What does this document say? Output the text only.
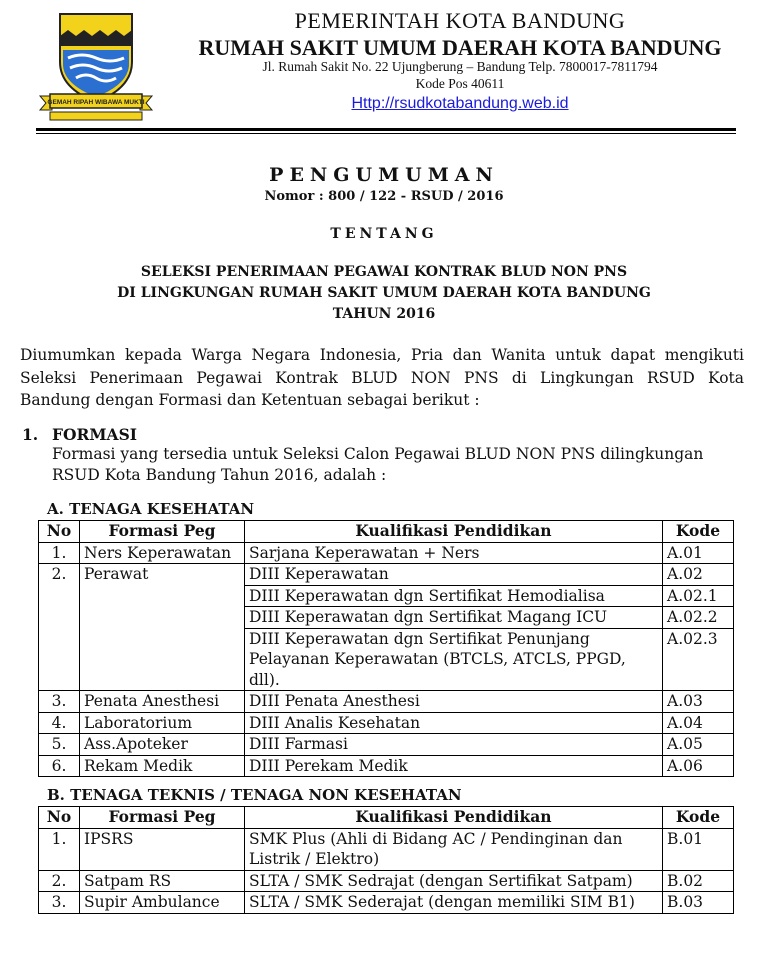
GEMAH RIPAH WIBAWA MUKTI
PEMERINTAH KOTA BANDUNG
RUMAH SAKIT UMUM DAERAH KOTA BANDUNG
Jl. Rumah Sakit No. 22 Ujungberung – Bandung Telp. 7800017-7811794
Kode Pos 40611
Http://rsudkotabandung.web.id
PENGUMUMAN
Nomor : 800 / 122 - RSUD / 2016
TENTANG
SELEKSI PENERIMAAN PEGAWAI KONTRAK BLUD NON PNS
DI LINGKUNGAN RUMAH SAKIT UMUM DAERAH KOTA BANDUNG
TAHUN 2016
Diumumkan kepada Warga Negara Indonesia, Pria dan Wanita untuk dapat mengikuti
Seleksi Penerimaan Pegawai Kontrak BLUD NON PNS di Lingkungan RSUD Kota
Bandung dengan Formasi dan Ketentuan sebagai berikut :
1. FORMASI
Formasi yang tersedia untuk Seleksi Calon Pegawai BLUD NON PNS dilingkungan
RSUD Kota Bandung Tahun 2016, adalah :
A. TENAGA KESEHATAN
No	Formasi Peg	Kualifikasi Pendidikan	Kode
1.	Ners Keperawatan	Sarjana Keperawatan + Ners	A.01
2.	Perawat	DIII Keperawatan	A.02
		DIII Keperawatan dgn Sertifikat Hemodialisa	A.02.1
		DIII Keperawatan dgn Sertifikat Magang ICU	A.02.2
		DIII Keperawatan dgn Sertifikat Penunjang Pelayanan Keperawatan (BTCLS, ATCLS, PPGD, dll).	A.02.3
3.	Penata Anesthesi	DIII Penata Anesthesi	A.03
4.	Laboratorium	DIII Analis Kesehatan	A.04
5.	Ass.Apoteker	DIII Farmasi	A.05
6.	Rekam Medik	DIII Perekam Medik	A.06
B. TENAGA TEKNIS / TENAGA NON KESEHATAN
No	Formasi Peg	Kualifikasi Pendidikan	Kode
1.	IPSRS	SMK Plus (Ahli di Bidang AC / Pendinginan dan Listrik / Elektro)	B.01
2.	Satpam RS	SLTA / SMK Sedrajat (dengan Sertifikat Satpam)	B.02
3.	Supir Ambulance	SLTA / SMK Sederajat (dengan memiliki SIM B1)	B.03
